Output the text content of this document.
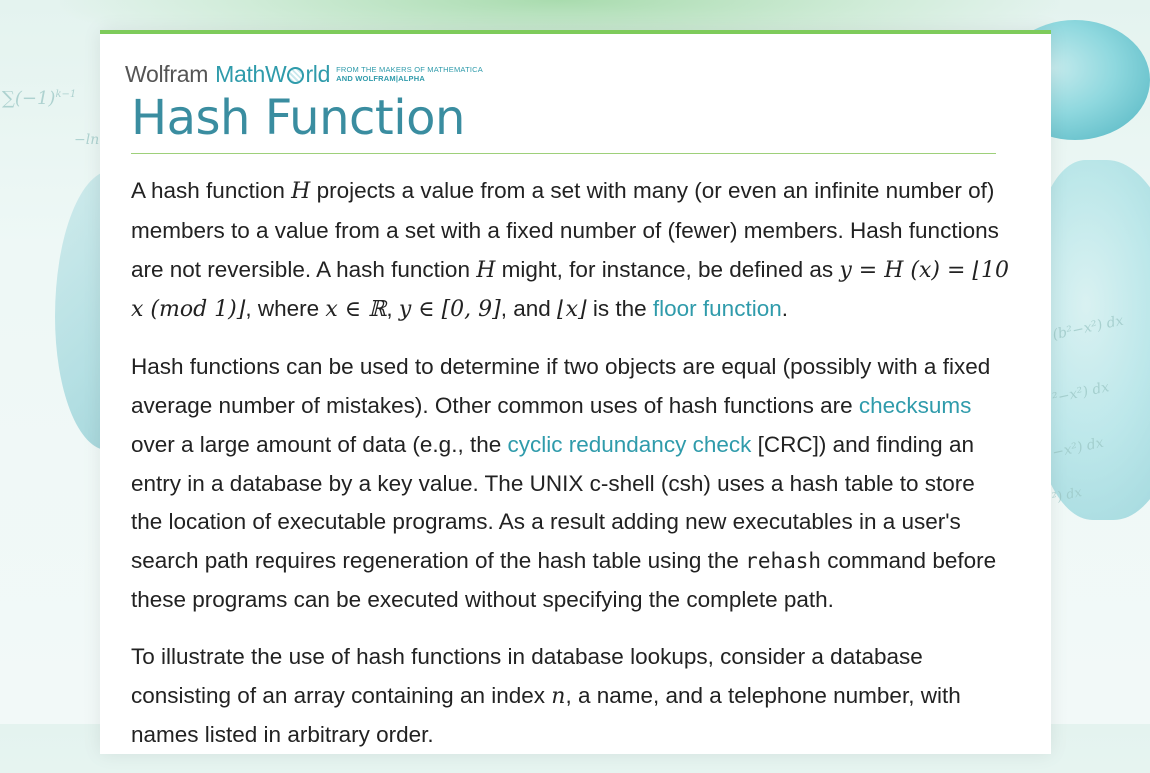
$\sum(-1)^{k-1}$
−ln
(b²−x²) dx
²−x²) dx
−x²) dx
²) dx
Wolfram MathW rld FROM THE MAKERS OF MATHEMATICA
AND WOLFRAM|ALPHA
Hash Function

A hash function H projects a value from a set with many (or even an infinite number of) members to a value from a set with a fixed number of (fewer) members. Hash functions are not reversible. A hash function H might, for instance, be defined as y = H (x) = ⌊10 x (mod 1)⌋, where x ∈ ℝ, y ∈ [0, 9], and ⌊x⌋ is the floor function.

Hash functions can be used to determine if two objects are equal (possibly with a fixed average number of mistakes). Other common uses of hash functions are checksums over a large amount of data (e.g., the cyclic redundancy check [CRC]) and finding an entry in a database by a key value. The UNIX c-shell (csh) uses a hash table to store the location of executable programs. As a result adding new executables in a user's search path requires regeneration of the hash table using the rehash command before these programs can be executed without specifying the complete path.

To illustrate the use of hash functions in database lookups, consider a database consisting of an array containing an index n, a name, and a telephone number, with names listed in arbitrary order.
